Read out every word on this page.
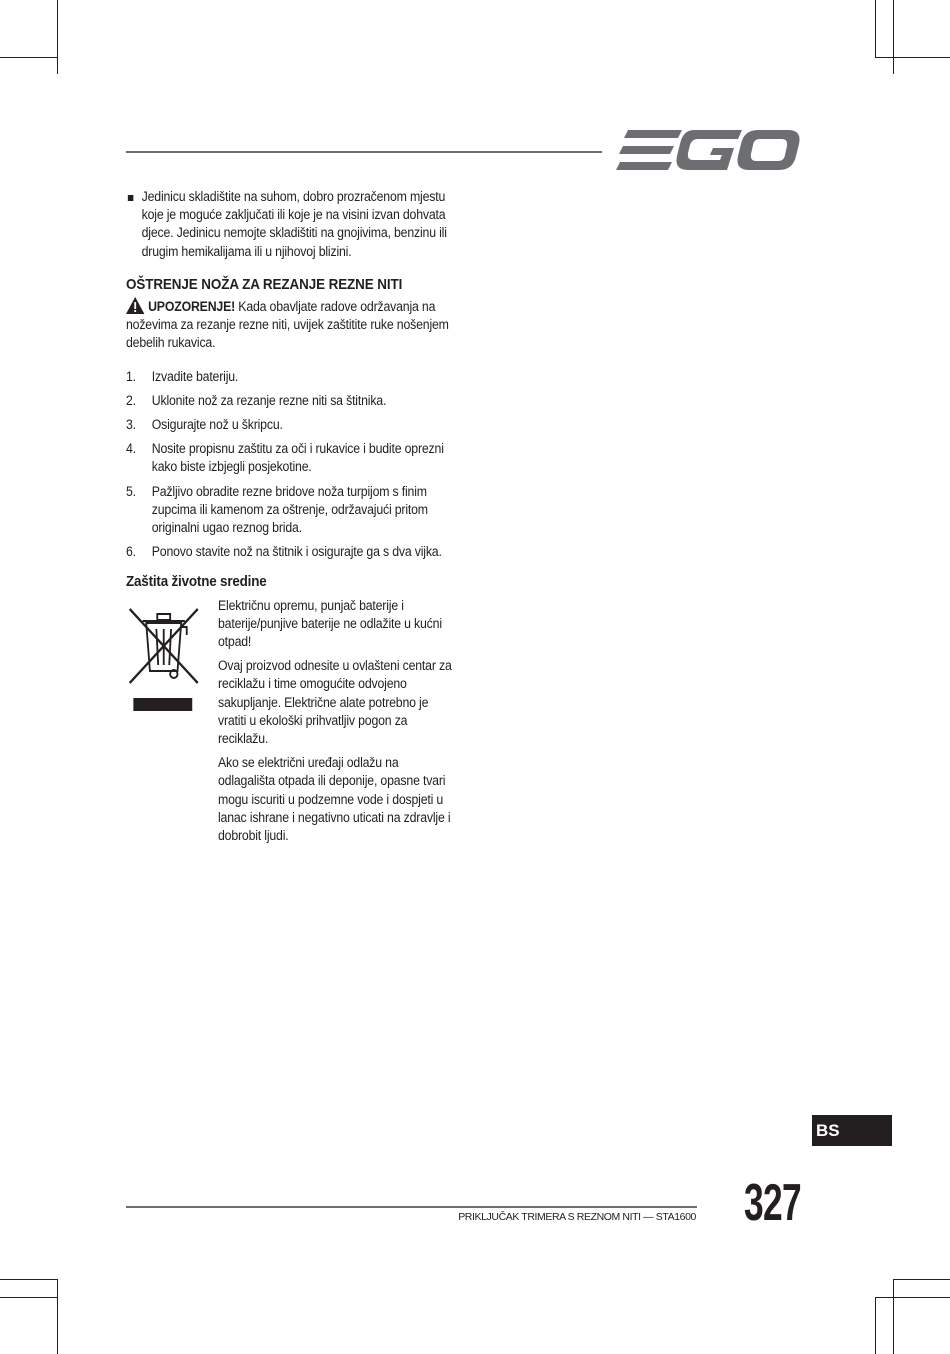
Jedinicu skladištite na suhom, dobro prozračenom mjestu koje je moguće zaključati ili koje je na visini izvan dohvata djece. Jedinicu nemojte skladištiti na gnojivima, benzinu ili drugim hemikalijama ili u njihovoj blizini.
OŠTRENJE NOŽA ZA REZANJE REZNE NITI

UPOZORENJE! Kada obavljate radove održavanja na noževima za rezanje rezne niti, uvijek zaštitite ruke nošenjem debelih rukavica.

1. Izvadite bateriju.
2. Uklonite nož za rezanje rezne niti sa štitnika.
3. Osigurajte nož u škripcu.
4. Nosite propisnu zaštitu za oči i rukavice i budite oprezni kako biste izbjegli posjekotine.
5. Pažljivo obradite rezne bridove noža turpijom s finim zupcima ili kamenom za oštrenje, održavajući pritom originalni ugao reznog brida.
6. Ponovo stavite nož na štitnik i osigurajte ga s dva vijka.
Zaštita životne sredine

Električnu opremu, punjač baterije i baterije/punjive baterije ne odlažite u kućni otpad!

Ovaj proizvod odnesite u ovlašteni centar za reciklažu i time omogućite odvojeno sakupljanje. Električne alate potrebno je vratiti u ekološki prihvatljiv pogon za reciklažu.

Ako se električni uređaji odlažu na odlagališta otpada ili deponije, opasne tvari mogu iscuriti u podzemne vode i dospjeti u lanac ishrane i negativno uticati na zdravlje i dobrobit ljudi.

BS
PRIKLJUČAK TRIMERA S REZNOM NITI — STA1600 327
